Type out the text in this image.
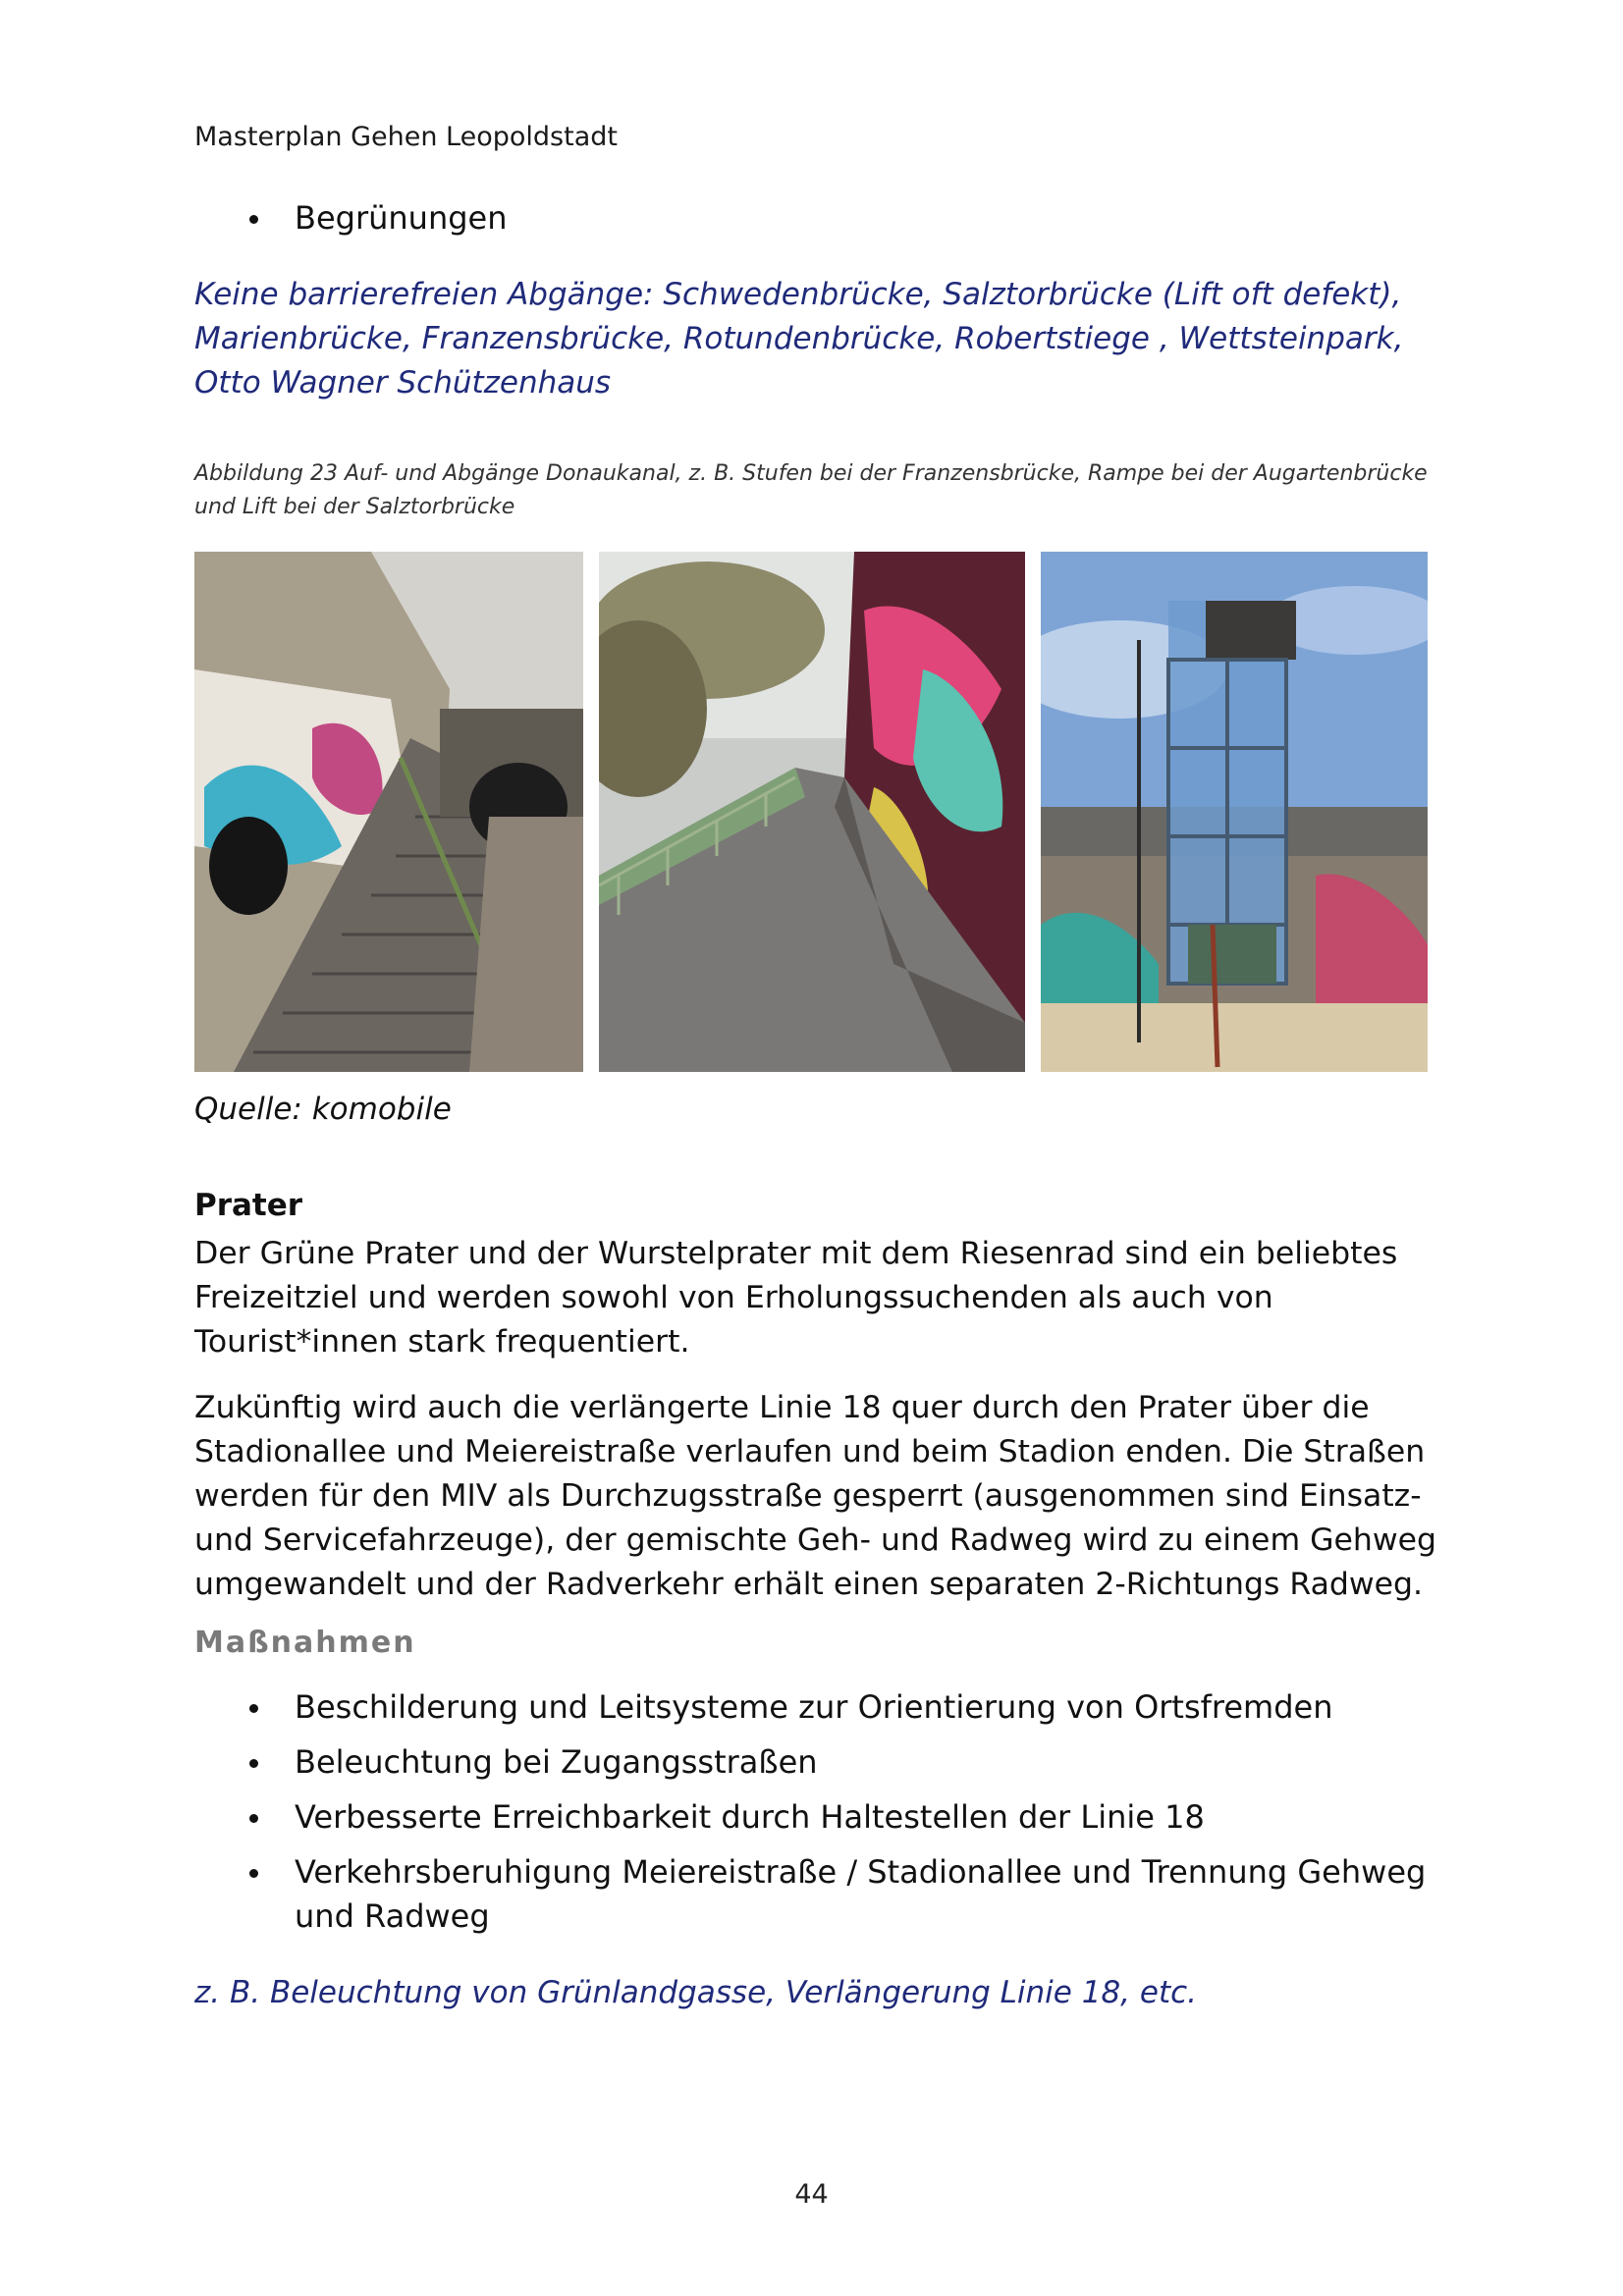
Masterplan Gehen Leopoldstadt
Begrünungen

Keine barrierefreien Abgänge: Schwedenbrücke, Salztorbrücke (Lift oft defekt), Marienbrücke, Franzensbrücke, Rotundenbrücke, Robertstiege , Wettsteinpark, Otto Wagner Schützenhaus

Abbildung 23 Auf- und Abgänge Donaukanal, z. B. Stufen bei der Franzensbrücke, Rampe bei der Augartenbrücke und Lift bei der Salztorbrücke

Quelle: komobile

Prater

Der Grüne Prater und der Wurstelprater mit dem Riesenrad sind ein beliebtes Freizeitziel und werden sowohl von Erholungssuchenden als auch von Tourist*innen stark frequentiert.

Zukünftig wird auch die verlängerte Linie 18 quer durch den Prater über die Stadionallee und Meiereistraße verlaufen und beim Stadion enden. Die Straßen werden für den MIV als Durchzugsstraße gesperrt (ausgenommen sind Einsatz- und Servicefahrzeuge), der gemischte Geh- und Radweg wird zu einem Gehweg umgewandelt und der Radverkehr erhält einen separaten 2-Richtungs Radweg.

Maßnahmen
Beschilderung und Leitsysteme zur Orientierung von Ortsfremden
Beleuchtung bei Zugangsstraßen
Verbesserte Erreichbarkeit durch Haltestellen der Linie 18
Verkehrsberuhigung Meiereistraße / Stadionallee und Trennung Gehweg und Radweg

z. B. Beleuchtung von Grünlandgasse, Verlängerung Linie 18, etc.

44
